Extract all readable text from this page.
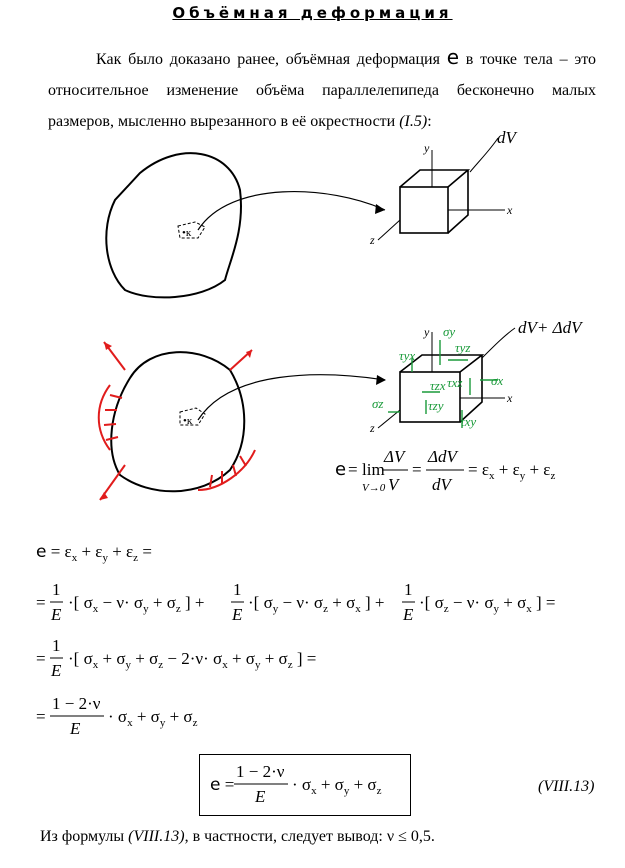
Объёмная деформация
   Как было доказано ранее, объёмная деформация e в точке тела – это относительное изменение объёма параллелепипеда бесконечно малых размеров, мысленно вырезанного в её окрестности (I.5):
•к
•к
y
x
z
dV
y
x
z
dV+ ΔdV
σy
τyz
τyx
σx
τzx τxz
τzy
σz
τxy
e = lim
V→0
ΔV
V
=
ΔdV
dV
= $\varepsilon_x + \varepsilon_y + \varepsilon_z$
$e = \varepsilon_x + \varepsilon_y + \varepsilon_z$ =
=
1
E
·[ $\sigma_x - \nu\cdot \sigma_y + \sigma_z$ ] +
1
E
·[ $\sigma_y - \nu\cdot \sigma_z + \sigma_x$ ] +
1
E
·[ $\sigma_z - \nu\cdot \sigma_y + \sigma_x$ ] =
=
1
E
·[ $\sigma_x + \sigma_y + \sigma_z - 2\cdot\nu\cdot \sigma_x + \sigma_y + \sigma_z$ ] =
=
1 − 2·ν
E
· $\sigma_x + \sigma_y + \sigma_z$
e =
1 − 2·ν
E
· $\sigma_x + \sigma_y + \sigma_z$	(VIII.13)
Из формулы (VIII.13), в частности, следует вывод: ν ≤ 0,5.
